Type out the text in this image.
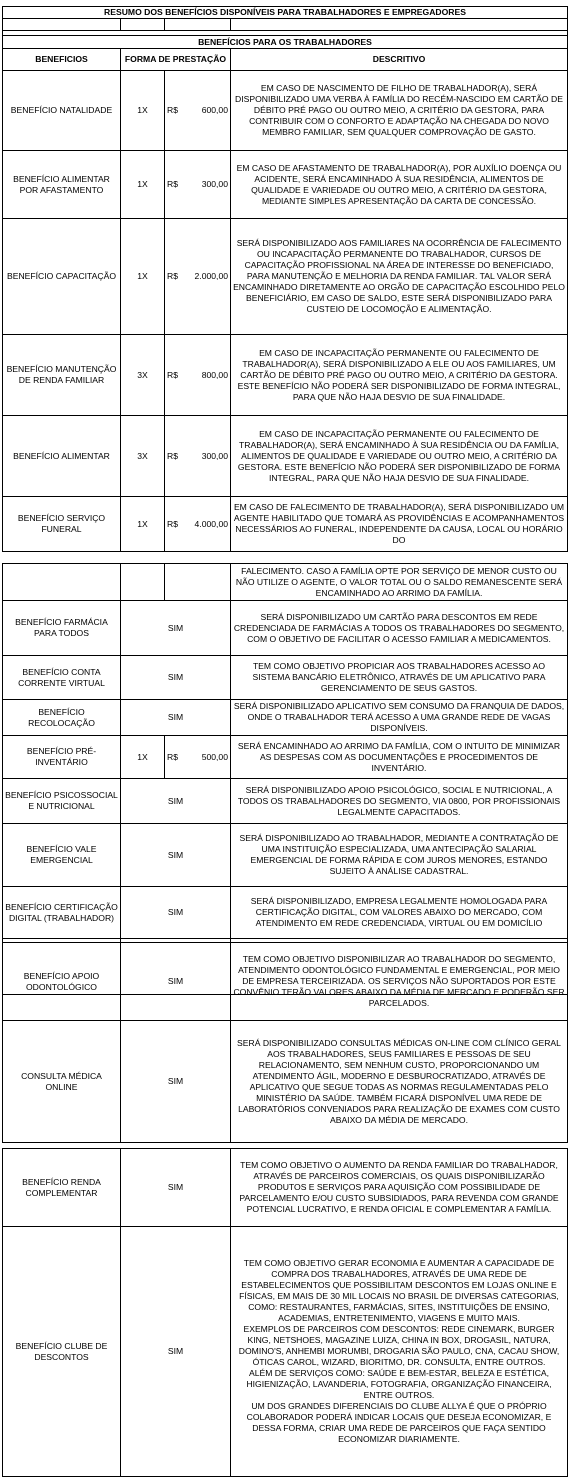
RESUMO DOS BENEFÍCIOS DISPONÍVEIS PARA TRABALHADORES E EMPREGADORES			

BENEFÍCIOS PARA OS TRABALHADORES			
BENEFICIOS	FORMA DE PRESTAÇÃO		DESCRITIVO
BENEFÍCIO NATALIDADE	1X	R$ 600,00	EM CASO DE NASCIMENTO DE FILHO DE TRABALHADOR(A), SERÁ DISPONIBILIZADO UMA VERBA À FAMÍLIA DO RECÉM-NASCIDO EM CARTÃO DE DÉBITO PRÉ PAGO OU OUTRO MEIO, A CRITÉRIO DA GESTORA, PARA CONTRIBUIR COM O CONFORTO E ADAPTAÇÃO NA CHEGADA DO NOVO MEMBRO FAMILIAR, SEM QUALQUER COMPROVAÇÃO DE GASTO.
BENEFÍCIO ALIMENTAR POR AFASTAMENTO	1X	R$ 300,00	EM CASO DE AFASTAMENTO DE TRABALHADOR(A), POR AUXÍLIO DOENÇA OU ACIDENTE, SERÁ ENCAMINHADO À SUA RESIDÊNCIA, ALIMENTOS DE QUALIDADE E VARIEDADE OU OUTRO MEIO, A CRITÉRIO DA GESTORA, MEDIANTE SIMPLES APRESENTAÇÃO DA CARTA DE CONCESSÃO.
BENEFÍCIO CAPACITAÇÃO	1X	R$ 2.000,00	SERÁ DISPONIBILIZADO AOS FAMILIARES NA OCORRÊNCIA DE FALECIMENTO OU INCAPACITAÇÃO PERMANENTE DO TRABALHADOR, CURSOS DE CAPACITAÇÃO PROFISSIONAL NA ÁREA DE INTERESSE DO BENEFICIADO, PARA MANUTENÇÃO E MELHORIA DA RENDA FAMILIAR. TAL VALOR SERÁ ENCAMINHADO DIRETAMENTE AO ORGÃO DE CAPACITAÇÃO ESCOLHIDO PELO BENEFICIÁRIO, EM CASO DE SALDO, ESTE SERÁ DISPONIBILIZADO PARA CUSTEIO DE LOCOMOÇÃO E ALIMENTAÇÃO.
BENEFÍCIO MANUTENÇÃO DE RENDA FAMILIAR	3X	R$ 800,00	EM CASO DE INCAPACITAÇÃO PERMANENTE OU FALECIMENTO DE TRABALHADOR(A), SERÁ DISPONIBILIZADO A ELE OU AOS FAMILIARES, UM CARTÃO DE DÉBITO PRÉ PAGO OU OUTRO MEIO, A CRITÉRIO DA GESTORA. ESTE BENEFÍCIO NÃO PODERÁ SER DISPONIBILIZADO DE FORMA INTEGRAL, PARA QUE NÃO HAJA DESVIO DE SUA FINALIDADE.
BENEFÍCIO ALIMENTAR	3X	R$ 300,00	EM CASO DE INCAPACITAÇÃO PERMANENTE OU FALECIMENTO DE TRABALHADOR(A), SERÁ ENCAMINHADO À SUA RESIDÊNCIA OU DA FAMÍLIA, ALIMENTOS DE QUALIDADE E VARIEDADE OU OUTRO MEIO, A CRITÉRIO DA GESTORA. ESTE BENEFÍCIO NÃO PODERÁ SER DISPONIBILIZADO DE FORMA INTEGRAL, PARA QUE NÃO HAJA DESVIO DE SUA FINALIDADE.
BENEFÍCIO SERVIÇO FUNERAL	1X	R$ 4.000,00	EM CASO DE FALECIMENTO DE TRABALHADOR(A), SERÁ DISPONIBILIZADO UM AGENTE HABILITADO QUE TOMARÁ AS PROVIDÊNCIAS E ACOMPANHAMENTOS NECESSÁRIOS AO FUNERAL, INDEPENDENTE DA CAUSA, LOCAL OU HORÁRIO DO
			FALECIMENTO. CASO A FAMÍLIA OPTE POR SERVIÇO DE MENOR CUSTO OU NÃO UTILIZE O AGENTE, O VALOR TOTAL OU O SALDO REMANESCENTE SERÁ ENCAMINHADO AO ARRIMO DA FAMÍLIA.
BENEFÍCIO FARMÁCIA PARA TODOS	SIM		SERÁ DISPONIBILIZADO UM CARTÃO PARA DESCONTOS EM REDE CREDENCIADA DE FARMÁCIAS A TODOS OS TRABALHADORES DO SEGMENTO, COM O OBJETIVO DE FACILITAR O ACESSO FAMILIAR A MEDICAMENTOS.
BENEFÍCIO CONTA CORRENTE VIRTUAL	SIM		TEM COMO OBJETIVO PROPICIAR AOS TRABALHADORES ACESSO AO SISTEMA BANCÁRIO ELETRÔNICO, ATRAVÉS DE UM APLICATIVO PARA GERENCIAMENTO DE SEUS GASTOS.
BENEFÍCIO RECOLOCAÇÃO	SIM		SERÁ DISPONIBILIZADO APLICATIVO SEM CONSUMO DA FRANQUIA DE DADOS, ONDE O TRABALHADOR TERÁ ACESSO A UMA GRANDE REDE DE VAGAS DISPONÍVEIS.
BENEFÍCIO PRÉ-INVENTÁRIO	1X	R$ 500,00	SERÁ ENCAMINHADO AO ARRIMO DA FAMÍLIA, COM O INTUITO DE MINIMIZAR AS DESPESAS COM AS DOCUMENTAÇÕES E PROCEDIMENTOS DE INVENTÁRIO.
BENEFÍCIO PSICOSSOCIAL E NUTRICIONAL	SIM		SERÁ DISPONIBILIZADO APOIO PSICOLÓGICO, SOCIAL E NUTRICIONAL, A TODOS OS TRABALHADORES DO SEGMENTO, VIA 0800, POR PROFISSIONAIS LEGALMENTE CAPACITADOS.
BENEFÍCIO VALE EMERGENCIAL	SIM		SERÁ DISPONIBILIZADO AO TRABALHADOR, MEDIANTE A CONTRATAÇÃO DE UMA INSTITUIÇÃO ESPECIALIZADA, UMA ANTECIPAÇÃO SALARIAL EMERGENCIAL DE FORMA RÁPIDA E COM JUROS MENORES, ESTANDO SUJEITO À ANÁLISE CADASTRAL.
BENEFÍCIO CERTIFICAÇÃO DIGITAL (TRABALHADOR)	SIM		SERÁ DISPONIBILIZADO, EMPRESA LEGALMENTE HOMOLOGADA PARA CERTIFICAÇÃO DIGITAL, COM VALORES ABAIXO DO MERCADO, COM ATENDIMENTO EM REDE CREDENCIADA, VIRTUAL OU EM DOMICÍLIO

BENEFÍCIO APOIO ODONTOLÓGICO	SIM	TEM COMO OBJETIVO DISPONIBILIZAR AO TRABALHADOR DO SEGMENTO, ATENDIMENTO ODONTOLÓGICO FUNDAMENTAL E EMERGENCIAL, POR MEIO DE EMPRESA TERCEIRIZADA. OS SERVIÇOS NÃO SUPORTADOS POR ESTE CONVÊNIO TERÃO VALORES ABAIXO DA MÉDIA DE MERCADO E PODERÃO SER PARCELADOS.
CONSULTA MÉDICA ONLINE	SIM	SERÁ DISPONIBILIZADO CONSULTAS MÉDICAS ON-LINE COM CLÍNICO GERAL AOS TRABALHADORES, SEUS FAMILIARES E PESSOAS DE SEU RELACIONAMENTO, SEM NENHUM CUSTO, PROPORCIONANDO UM ATENDIMENTO ÁGIL, MODERNO E DESBUROCRATIZADO, ATRAVÉS DE APLICATIVO QUE SEGUE TODAS AS NORMAS REGULAMENTADAS PELO MINISTÉRIO DA SAÚDE. TAMBÉM FICARÁ DISPONÍVEL UMA REDE DE LABORATÓRIOS CONVENIADOS PARA REALIZAÇÃO DE EXAMES COM CUSTO ABAIXO DA MÉDIA DE MERCADO.
BENEFÍCIO RENDA COMPLEMENTAR	SIM	TEM COMO OBJETIVO O AUMENTO DA RENDA FAMILIAR DO TRABALHADOR, ATRAVÉS DE PARCEIROS COMERCIAIS, OS QUAIS DISPONIBILIZARÃO PRODUTOS E SERVIÇOS PARA AQUISIÇÃO COM POSSIBILIDADE DE PARCELAMENTO E/OU CUSTO SUBSIDIADOS, PARA REVENDA COM GRANDE POTENCIAL LUCRATIVO, E RENDA OFICIAL E COMPLEMENTAR A FAMÍLIA.
BENEFÍCIO CLUBE DE DESCONTOS	SIM	TEM COMO OBJETIVO GERAR ECONOMIA E AUMENTAR A CAPACIDADE DE COMPRA DOS TRABALHADORES, ATRAVÉS DE UMA REDE DE ESTABELECIMENTOS QUE POSSIBILITAM DESCONTOS EM LOJAS ONLINE E FÍSICAS, EM MAIS DE 30 MIL LOCAIS NO BRASIL DE DIVERSAS CATEGORIAS, COMO: RESTAURANTES, FARMÁCIAS, SITES, INSTITUIÇÕES DE ENSINO, ACADEMIAS, ENTRETENIMENTO, VIAGENS E MUITO MAIS.
EXEMPLOS DE PARCEIROS COM DESCONTOS: REDE CINEMARK, BURGER KING, NETSHOES, MAGAZINE LUIZA, CHINA IN BOX, DROGASIL, NATURA, DOMINO'S, ANHEMBI MORUMBI, DROGARIA SÃO PAULO, CNA, CACAU SHOW, ÓTICAS CAROL, WIZARD, BIORITMO, DR. CONSULTA, ENTRE OUTROS.
ALÉM DE SERVIÇOS COMO: SAÚDE E BEM-ESTAR, BELEZA E ESTÉTICA, HIGIENIZAÇÃO, LAVANDERIA, FOTOGRAFIA, ORGANIZAÇÃO FINANCEIRA, ENTRE OUTROS.
UM DOS GRANDES DIFERENCIAIS DO CLUBE ALLYA É QUE O PRÓPRIO COLABORADOR PODERÁ INDICAR LOCAIS QUE DESEJA ECONOMIZAR, E DESSA FORMA, CRIAR UMA REDE DE PARCEIROS QUE FAÇA SENTIDO ECONOMIZAR DIARIAMENTE.
